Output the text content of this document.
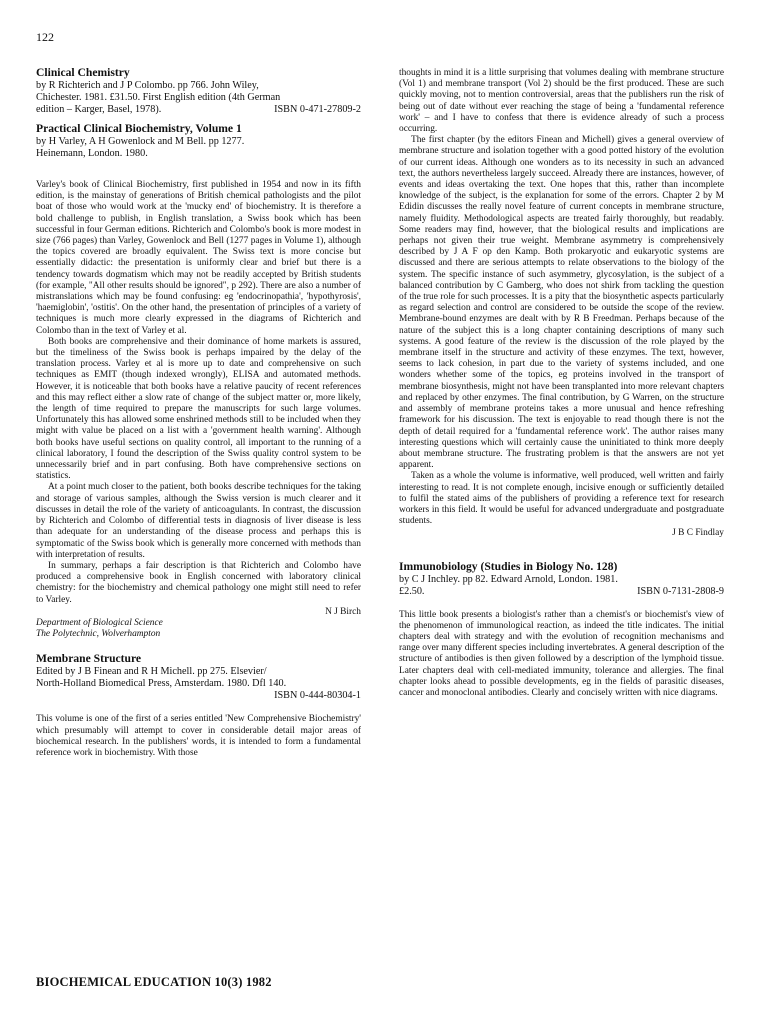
122
Clinical Chemistry
by R Richterich and J P Colombo. pp 766. John Wiley,
Chichester. 1981. £31.50. First English edition (4th German
edition – Karger, Basel, 1978).	ISBN 0-471-27809-2
Practical Clinical Biochemistry, Volume 1
by H Varley, A H Gowenlock and M Bell. pp 1277.
Heinemann, London. 1980.

Varley's book of Clinical Biochemistry, first published in 1954 and now in its fifth edition, is the mainstay of generations of British chemical pathologists and the pilot boat of those who would work at the 'mucky end' of biochemistry. It is therefore a bold challenge to publish, in English translation, a Swiss book which has been successful in four German editions. Richterich and Colombo's book is more modest in size (766 pages) than Varley, Gowenlock and Bell (1277 pages in Volume 1), although the topics covered are broadly equivalent. The Swiss text is more concise but essentially didactic: the presentation is uniformly clear and brief but there is a tendency towards dogmatism which may not be readily accepted by British students (for example, "All other results should be ignored", p 292). There are also a number of mistranslations which may be found confusing: eg 'endocrinopathia', 'hypothyrosis', 'haemiglobin', 'ostitis'. On the other hand, the presentation of principles of a variety of techniques is much more clearly expressed in the diagrams of Richterich and Colombo than in the text of Varley et al.

Both books are comprehensive and their dominance of home markets is assured, but the timeliness of the Swiss book is perhaps impaired by the delay of the translation process. Varley et al is more up to date and comprehensive on such techniques as EMIT (though indexed wrongly), ELISA and automated methods. However, it is noticeable that both books have a relative paucity of recent references and this may reflect either a slow rate of change of the subject matter or, more likely, the length of time required to prepare the manuscripts for such large volumes. Unfortunately this has allowed some enshrined methods still to be included when they might with value be placed on a list with a 'government health warning'. Although both books have useful sections on quality control, all important to the running of a clinical laboratory, I found the description of the Swiss quality control system to be unnecessarily brief and in part confusing. Both have comprehensive sections on statistics.

At a point much closer to the patient, both books describe techniques for the taking and storage of various samples, although the Swiss version is much clearer and it discusses in detail the role of the variety of anticoagulants. In contrast, the discussion by Richterich and Colombo of differential tests in diagnosis of liver disease is less than adequate for an understanding of the disease process and perhaps this is symptomatic of the Swiss book which is generally more concerned with methods than with interpretation of results.

In summary, perhaps a fair description is that Richterich and Colombo have produced a comprehensive book in English concerned with laboratory clinical chemistry: for the biochemistry and chemical pathology one might still need to refer to Varley.

N J Birch
Department of Biological Science
The Polytechnic, Wolverhampton
Membrane Structure
Edited by J B Finean and R H Michell. pp 275. Elsevier/
North-Holland Biomedical Press, Amsterdam. 1980. Dfl 140.
ISBN 0-444-80304-1

This volume is one of the first of a series entitled 'New Comprehensive Biochemistry' which presumably will attempt to cover in considerable detail major areas of biochemical research. In the publishers' words, it is intended to form a fundamental reference work in biochemistry. With those

thoughts in mind it is a little surprising that volumes dealing with membrane structure (Vol 1) and membrane transport (Vol 2) should be the first produced. These are such quickly moving, not to mention controversial, areas that the publishers run the risk of being out of date without ever reaching the stage of being a 'fundamental reference work' – and I have to confess that there is evidence already of such a process occurring.

The first chapter (by the editors Finean and Michell) gives a general overview of membrane structure and isolation together with a good potted history of the evolution of our current ideas. Although one wonders as to its necessity in such an advanced text, the authors nevertheless largely succeed. Already there are instances, however, of events and ideas overtaking the text. One hopes that this, rather than incomplete knowledge of the subject, is the explanation for some of the errors. Chapter 2 by M Edidin discusses the really novel feature of current concepts in membrane structure, namely fluidity. Methodological aspects are treated fairly thoroughly, but readably. Some readers may find, however, that the biological results and implications are perhaps not given their true weight. Membrane asymmetry is comprehensively described by J A F op den Kamp. Both prokaryotic and eukaryotic systems are discussed and there are serious attempts to relate observations to the biology of the system. The specific instance of such asymmetry, glycosylation, is the subject of a balanced contribution by C Gamberg, who does not shirk from tackling the question of the true role for such processes. It is a pity that the biosynthetic aspects particularly as regard selection and control are considered to be outside the scope of the review. Membrane-bound enzymes are dealt with by R B Freedman. Perhaps because of the nature of the subject this is a long chapter containing descriptions of many such systems. A good feature of the review is the discussion of the role played by the membrane itself in the structure and activity of these enzymes. The text, however, seems to lack cohesion, in part due to the variety of systems included, and one wonders whether some of the topics, eg proteins involved in the transport of membrane biosynthesis, might not have been transplanted into more relevant chapters and replaced by other enzymes. The final contribution, by G Warren, on the structure and assembly of membrane proteins takes a more unusual and hence refreshing framework for his discussion. The text is enjoyable to read though there is not the depth of detail required for a 'fundamental reference work'. The author raises many interesting questions which will certainly cause the uninitiated to think more deeply about membrane structure. The frustrating problem is that the answers are not yet apparent.

Taken as a whole the volume is informative, well produced, well written and fairly interesting to read. It is not complete enough, incisive enough or sufficiently detailed to fulfil the stated aims of the publishers of providing a reference text for research workers in this field. It would be useful for advanced undergraduate and postgraduate students.

J B C Findlay
Immunobiology (Studies in Biology No. 128)
by C J Inchley. pp 82. Edward Arnold, London. 1981.
£2.50.	ISBN 0-7131-2808-9

This little book presents a biologist's rather than a chemist's or biochemist's view of the phenomenon of immunological reaction, as indeed the title indicates. The initial chapters deal with strategy and with the evolution of recognition mechanisms and range over many different species including invertebrates. A general description of the structure of antibodies is then given followed by a description of the lymphoid tissue. Later chapters deal with cell-mediated immunity, tolerance and allergies. The final chapter looks ahead to possible developments, eg in the fields of parasitic diseases, cancer and monoclonal antibodies. Clearly and concisely written with nice diagrams.

BIOCHEMICAL EDUCATION 10(3) 1982
